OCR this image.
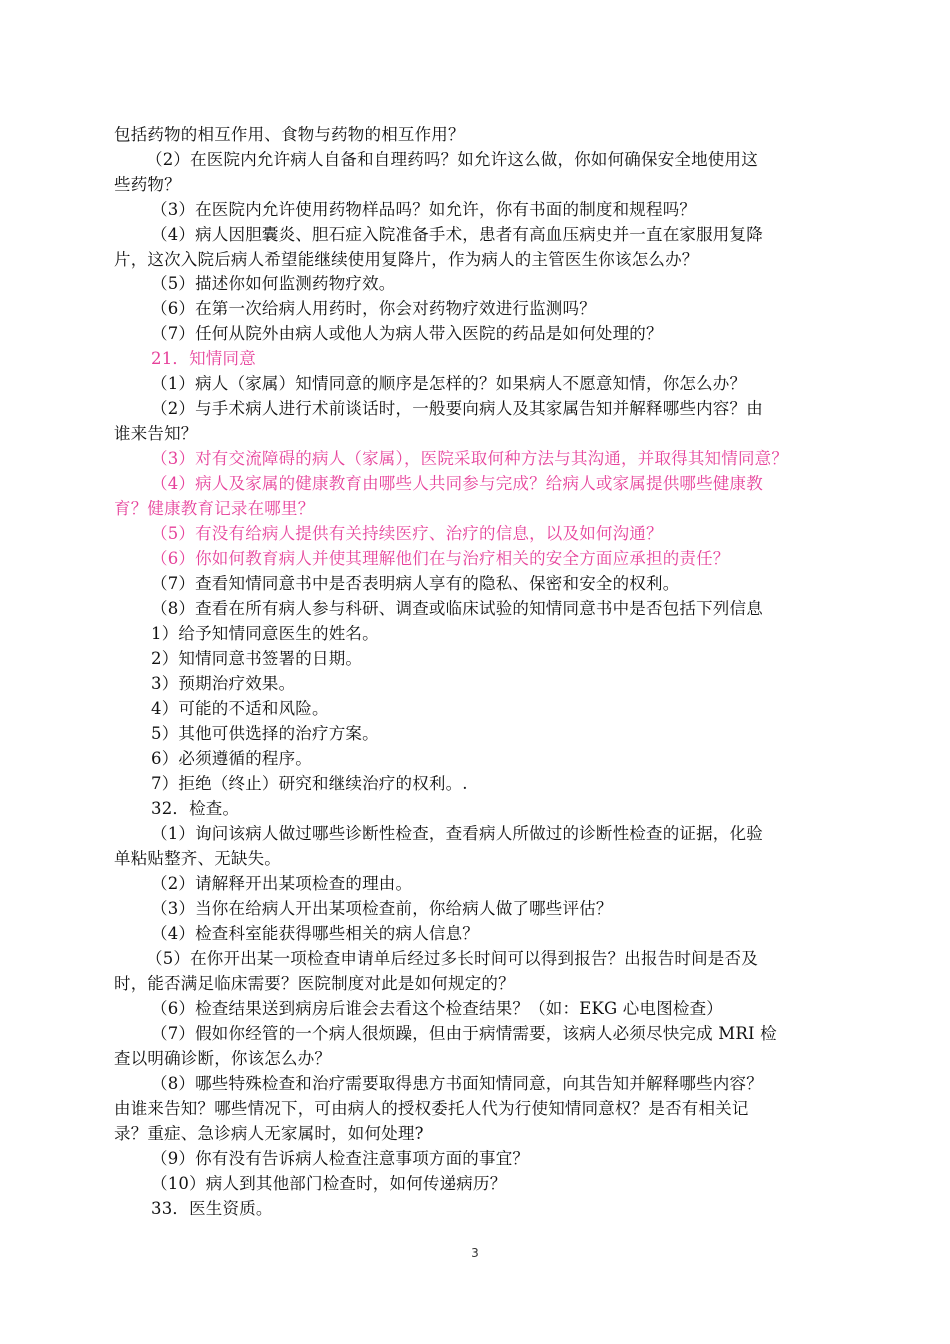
包括药物的相互作用、食物与药物的相互作用？
（2）在医院内允许病人自备和自理药吗？如允许这么做，你如何确保安全地使用这
些药物？
（3）在医院内允许使用药物样品吗？如允许，你有书面的制度和规程吗？
（4）病人因胆囊炎、胆石症入院准备手术，患者有高血压病史并一直在家服用复降
片，这次入院后病人希望能继续使用复降片，作为病人的主管医生你该怎么办？
（5）描述你如何监测药物疗效。
（6）在第一次给病人用药时，你会对药物疗效进行监测吗？
（7）任何从院外由病人或他人为病人带入医院的药品是如何处理的？
21．知情同意
（1）病人（家属）知情同意的顺序是怎样的？如果病人不愿意知情，你怎么办？
（2）与手术病人进行术前谈话时，一般要向病人及其家属告知并解释哪些内容？由
谁来告知？
（3）对有交流障碍的病人（家属），医院采取何种方法与其沟通，并取得其知情同意？
（4）病人及家属的健康教育由哪些人共同参与完成？给病人或家属提供哪些健康教
育？健康教育记录在哪里？
（5）有没有给病人提供有关持续医疗、治疗的信息，以及如何沟通？
（6）你如何教育病人并使其理解他们在与治疗相关的安全方面应承担的责任？
（7）查看知情同意书中是否表明病人享有的隐私、保密和安全的权利。
（8）查看在所有病人参与科研、调查或临床试验的知情同意书中是否包括下列信息
1）给予知情同意医生的姓名。
2）知情同意书签署的日期。
3）预期治疗效果。
4）可能的不适和风险。
5）其他可供选择的治疗方案。
6）必须遵循的程序。
7）拒绝（终止）研究和继续治疗的权利。.
32．检查。
（1）询问该病人做过哪些诊断性检查，查看病人所做过的诊断性检查的证据，化验
单粘贴整齐、无缺失。
（2）请解释开出某项检查的理由。
（3）当你在给病人开出某项检查前，你给病人做了哪些评估？
（4）检查科室能获得哪些相关的病人信息？
（5）在你开出某一项检查申请单后经过多长时间可以得到报告？出报告时间是否及
时，能否满足临床需要？医院制度对此是如何规定的？
（6）检查结果送到病房后谁会去看这个检查结果？（如：EKG 心电图检查）
（7）假如你经管的一个病人很烦躁，但由于病情需要，该病人必须尽快完成 MRI 检
查以明确诊断，你该怎么办？
（8）哪些特殊检查和治疗需要取得患方书面知情同意，向其告知并解释哪些内容？
由谁来告知？哪些情况下，可由病人的授权委托人代为行使知情同意权？是否有相关记
录？重症、急诊病人无家属时，如何处理?
（9）你有没有告诉病人检查注意事项方面的事宜？
（10）病人到其他部门检查时，如何传递病历？
33．医生资质。
3
